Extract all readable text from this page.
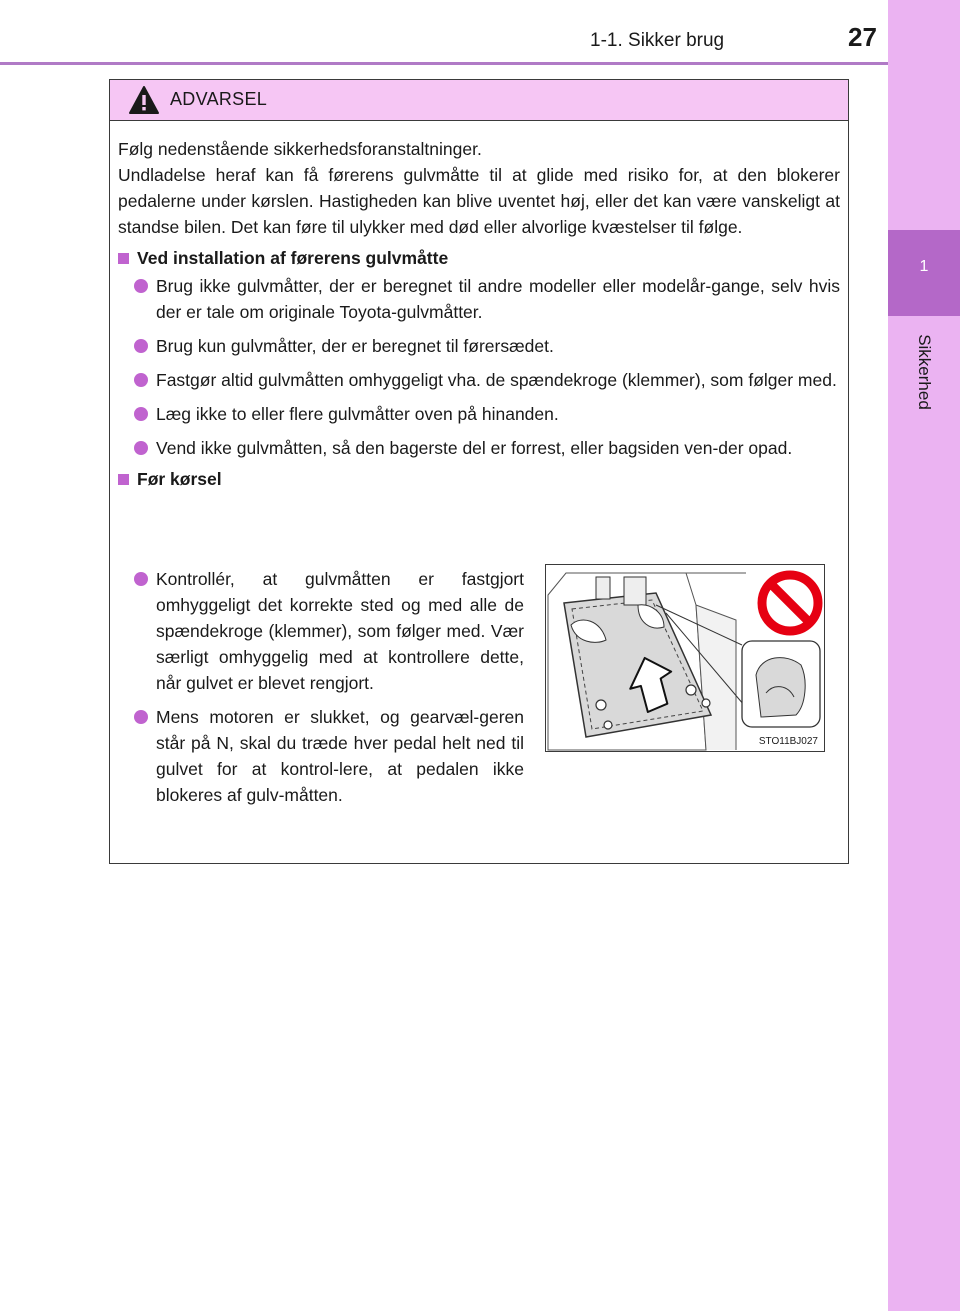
1-1. Sikker brug	27
1
Sikkerhed
ADVARSEL

Følg nedenstående sikkerhedsforanstaltninger.
Undladelse heraf kan få førerens gulvmåtte til at glide med risiko for, at den blokerer pedalerne under kørslen. Hastigheden kan blive uventet høj, eller det kan være vanskeligt at standse bilen. Det kan føre til ulykker med død eller alvorlige kvæstelser til følge.

Ved installation af førerens gulvmåtte
Brug ikke gulvmåtter, der er beregnet til andre modeller eller modelår-gange, selv hvis der er tale om originale Toyota-gulvmåtter.
Brug kun gulvmåtter, der er beregnet til førersædet.
Fastgør altid gulvmåtten omhyggeligt vha. de spændekroge (klemmer), som følger med.
Læg ikke to eller flere gulvmåtter oven på hinanden.
Vend ikke gulvmåtten, så den bagerste del er forrest, eller bagsiden ven-der opad.
Før kørsel
Kontrollér, at gulvmåtten er fastgjort omhyggeligt det korrekte sted og med alle de spændekroge (klemmer), som følger med. Vær særligt omhyggelig med at kontrollere dette, når gulvet er blevet rengjort.
Mens motoren er slukket, og gearvæl-geren står på N, skal du træde hver pedal helt ned til gulvet for at kontrol-lere, at pedalen ikke blokeres af gulv-måtten.
STO11BJ027
